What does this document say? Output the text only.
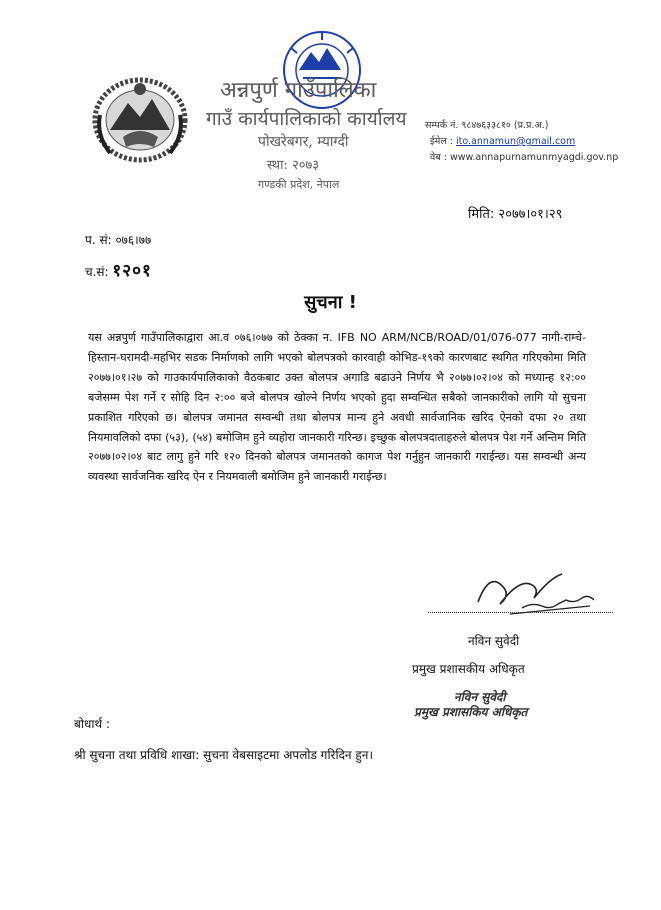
अन्नपुर्ण गाउँपालिका
गाउँ कार्यपालिकाको कार्यालय
पोखरेबगर, म्याग्दी
स्था: २०७३
गण्डकी प्रदेश, नेपाल
सम्पर्क नं. ९८४७६३३८१० (प्र.प्र.अ.)
ईमेल : ito.annamun@gmail.com
वेब : www.annapurnamunmyagdi.gov.np
मिति: २०७७।०१।२९
प. सं: ०७६।७७
च.सं: १२०१
सुचना !
यस अन्नपुर्ण गाउँपालिकाद्वारा आ.व ०७६।०७७ को ठेक्का न. IFB NO ARM/NCB/ROAD/01/076-077 नागी-राम्चे-हिस्तान-घरामदी-महभिर सडक निर्माणको लागि भएको बोलपत्रको कारवाही कोभिड-१९को कारणबाट स्थगित गरिएकोमा मिति २०७७।०१।२७ को गाउकार्यपालिकाको वैठकबाट उक्त बोलपत्र अगाडि बढाउने निर्णय भै २०७७।०२।०४ को मध्यान्ह १२:०० बजेसम्म पेश गर्ने र सोहि दिन २:०० बजे बोलपत्र खोल्ने निर्णय भएको हुदा सम्वन्धित सबैको जानकारीको लागि यो सुचना प्रकाशित गरिएको छ। बोलपत्र जमानत सम्वन्धी तथा बोलपत्र मान्य हुने अवधी सार्वजानिक खरिद ऐनको दफा २० तथा नियमावलिको दफा (५३), (५४) बमोजिम हुने व्यहोरा जानकारी गरिन्छ। इच्छुक बोलपत्रदाताहरुले बोलपत्र पेश गर्ने अन्तिम मिति २०७७।०२।०४ बाट लागु हुने गरि १२० दिनको बोलपत्र जमानतको कागज पेश गर्नुहुन जानकारी गराईन्छ। यस सम्वन्धी अन्य व्यवस्था सार्वजनिक खरिद ऐन र नियमवाली बमोजिम हुने जानकारी गराईन्छ।
नविन सुवेदी
प्रमुख प्रशासकीय अधिकृत
नविन सुवेदी
प्रमुख प्रशासकिय अधिकृत
बोधार्थ :
श्री सुचना तथा प्रविधि शाखा: सुचना वेबसाइटमा अपलोड गरिदिन हुन।
